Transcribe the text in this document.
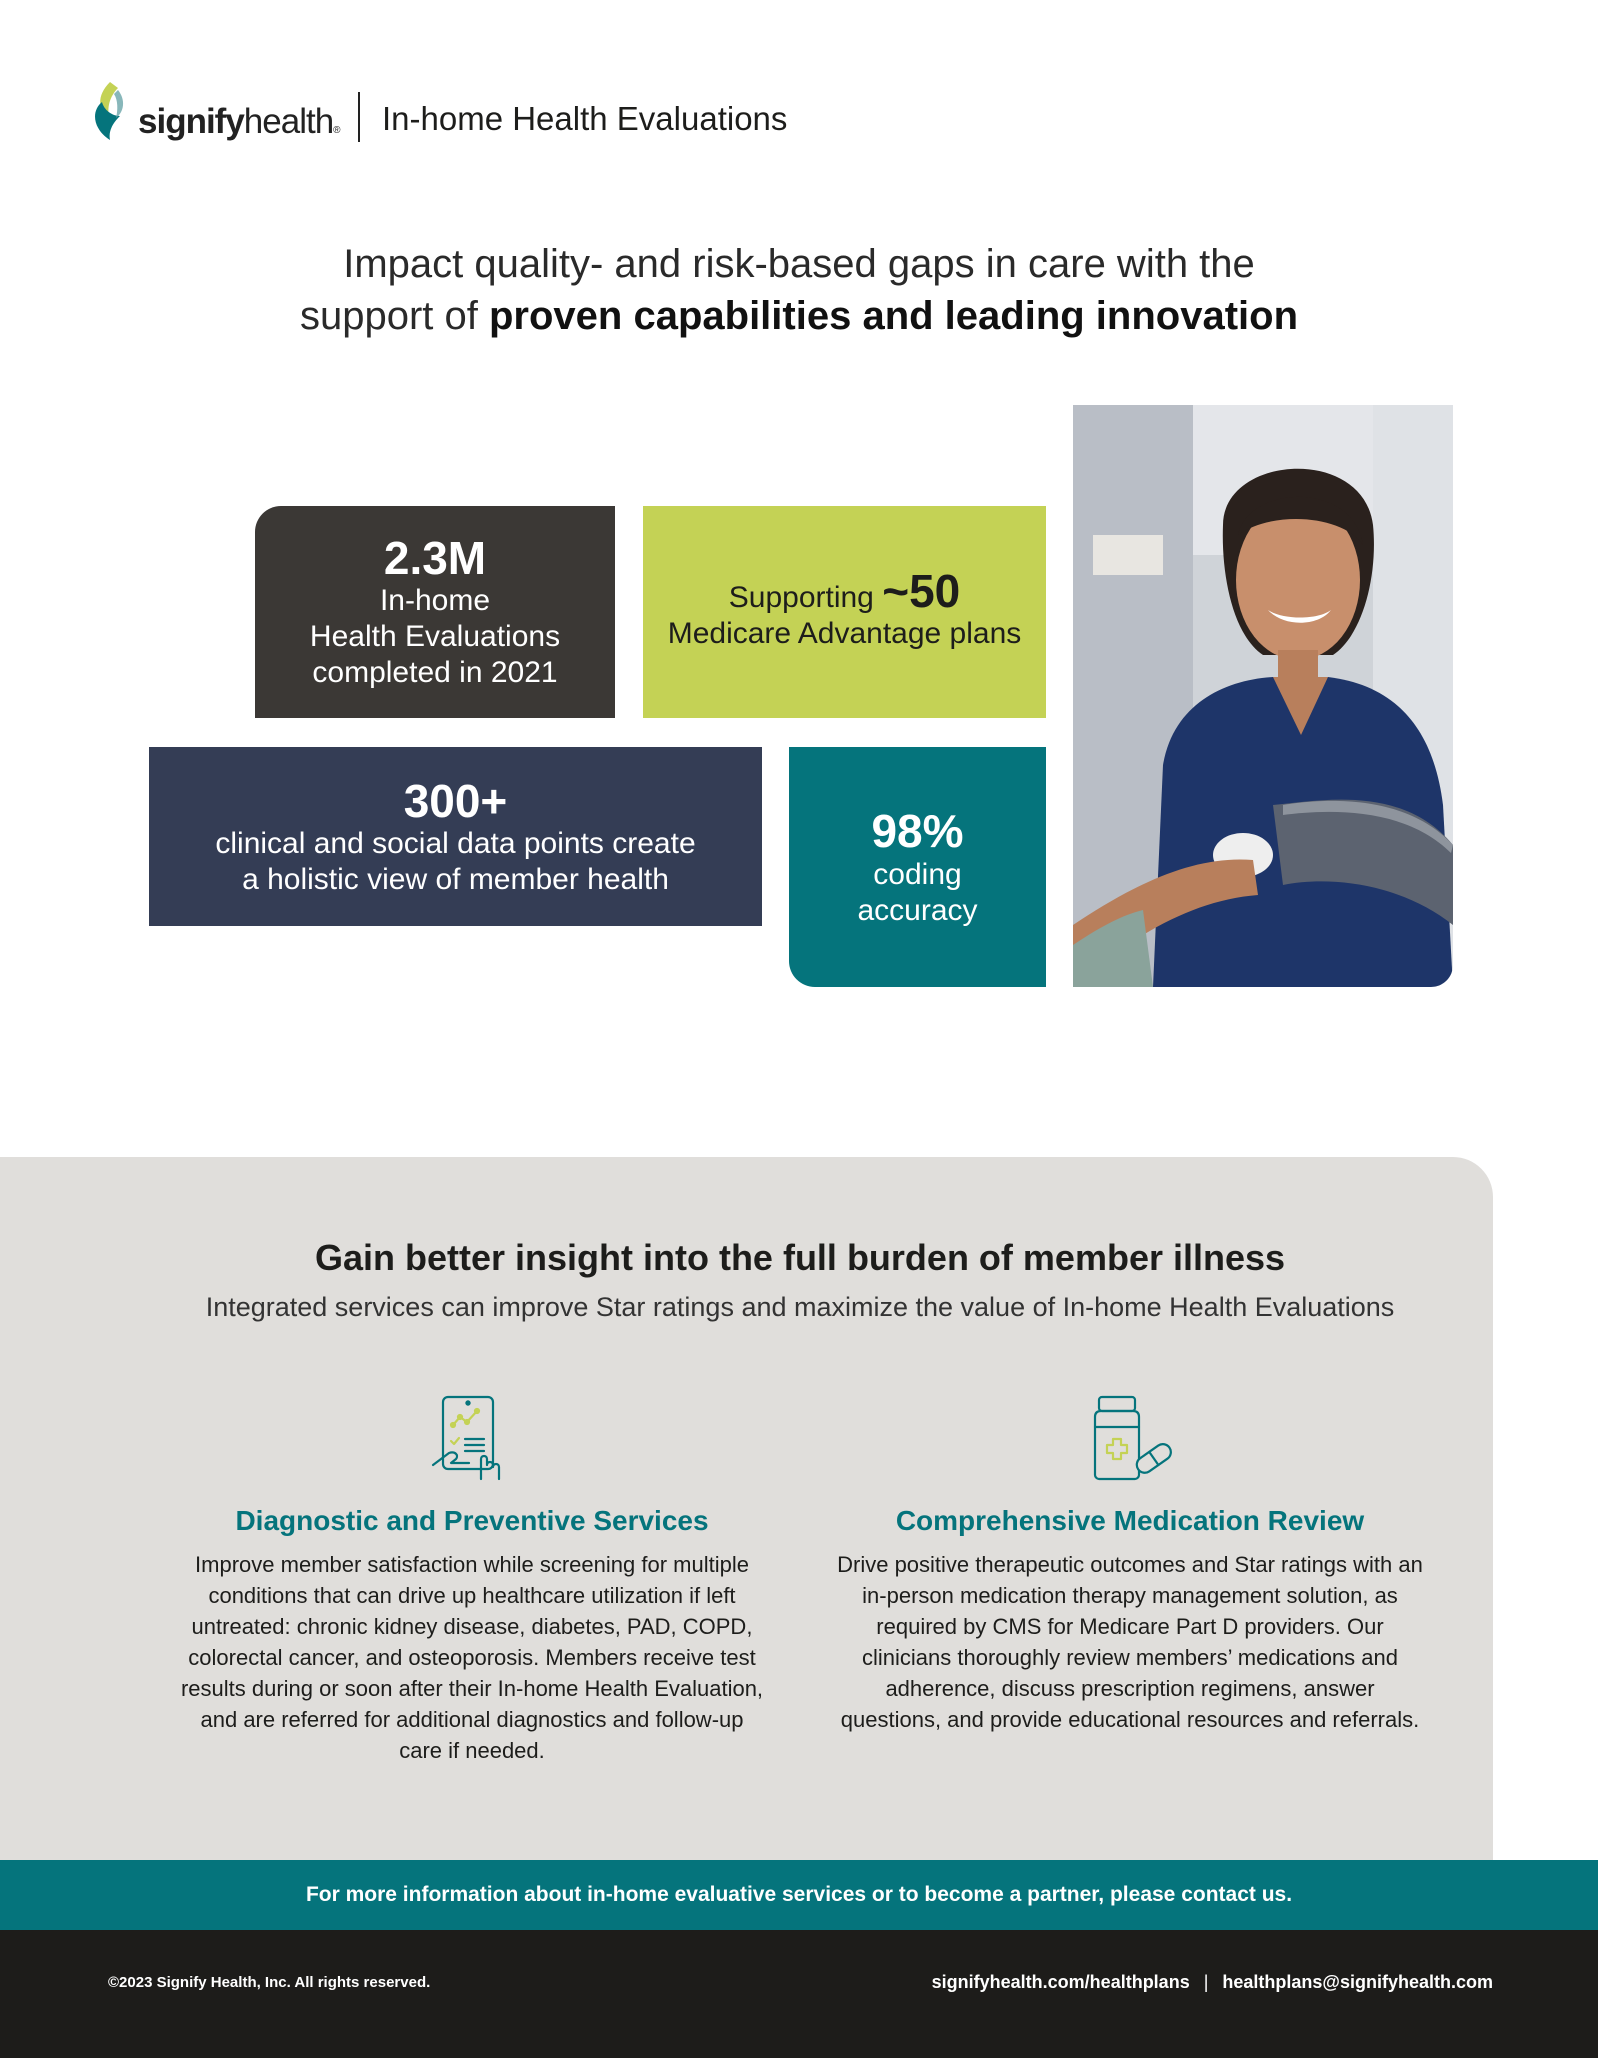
signifyhealth® In-home Health Evaluations
Impact quality- and risk-based gaps in care with the
support of proven capabilities and leading innovation
2.3M
In-home
Health Evaluations
completed in 2021
Supporting ~50
Medicare Advantage plans
300+
clinical and social data points create
a holistic view of member health
98%
coding
accuracy
Gain better insight into the full burden of member illness
Integrated services can improve Star ratings and maximize the value of In-home Health Evaluations
Diagnostic and Preventive Services
Improve member satisfaction while screening for multiple conditions that can drive up healthcare utilization if left untreated: chronic kidney disease, diabetes, PAD, COPD, colorectal cancer, and osteoporosis. Members receive test results during or soon after their In-home Health Evaluation, and are referred for additional diagnostics and follow-up care if needed.
Comprehensive Medication Review
Drive positive therapeutic outcomes and Star ratings with an in-person medication therapy management solution, as required by CMS for Medicare Part D providers. Our clinicians thoroughly review members’ medications and adherence, discuss prescription regimens, answer questions, and provide educational resources and referrals.
For more information about in-home evaluative services or to become a partner, please contact us.
©2023 Signify Health, Inc. All rights reserved.	signifyhealth.com/healthplans | healthplans@signifyhealth.com
